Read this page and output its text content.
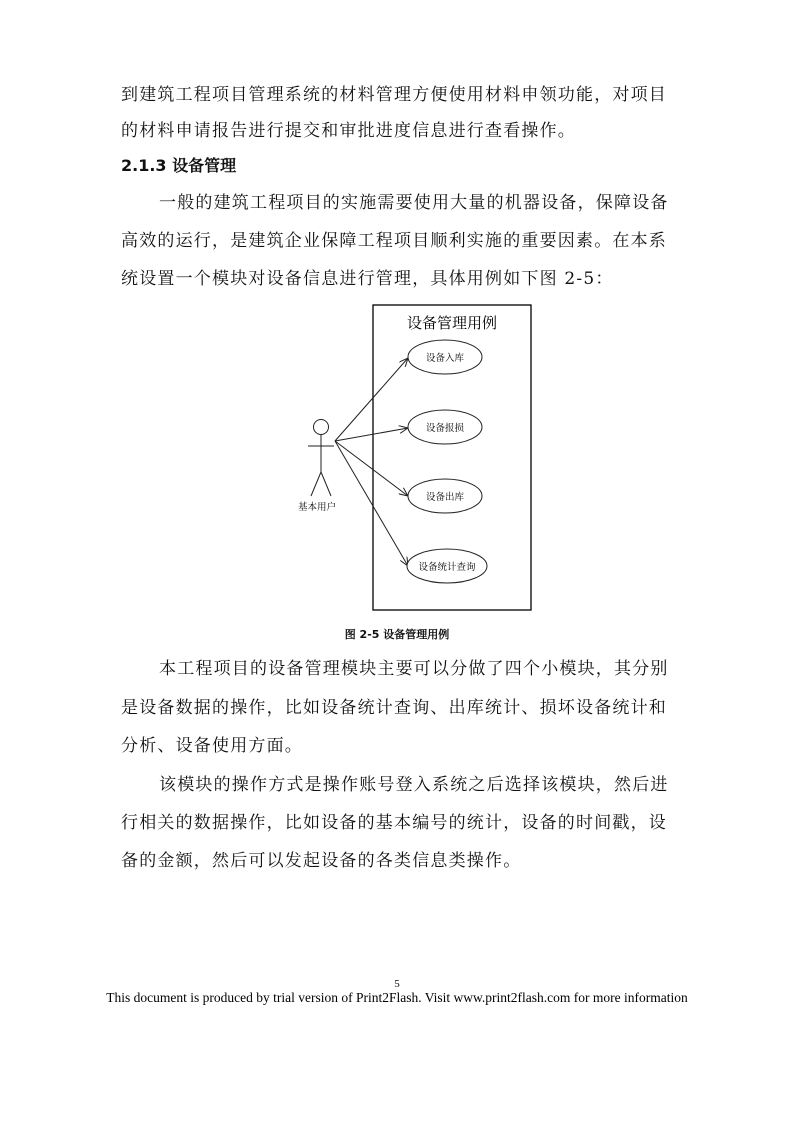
到建筑工程项目管理系统的材料管理方便使用材料申领功能，对项目
的材料申请报告进行提交和审批进度信息进行查看操作。
2.1.3 设备管理
一般的建筑工程项目的实施需要使用大量的机器设备，保障设备
高效的运行，是建筑企业保障工程项目顺利实施的重要因素。在本系
统设置一个模块对设备信息进行管理，具体用例如下图 2-5：
设备管理用例
基本用户
设备入库
设备报损
设备出库
设备统计查询
图 2-5 设备管理用例
本工程项目的设备管理模块主要可以分做了四个小模块，其分别
是设备数据的操作，比如设备统计查询、出库统计、损坏设备统计和
分析、设备使用方面。
该模块的操作方式是操作账号登入系统之后选择该模块，然后进
行相关的数据操作，比如设备的基本编号的统计，设备的时间戳，设
备的金额，然后可以发起设备的各类信息类操作。
5
This document is produced by trial version of Print2Flash. Visit www.print2flash.com for more information
